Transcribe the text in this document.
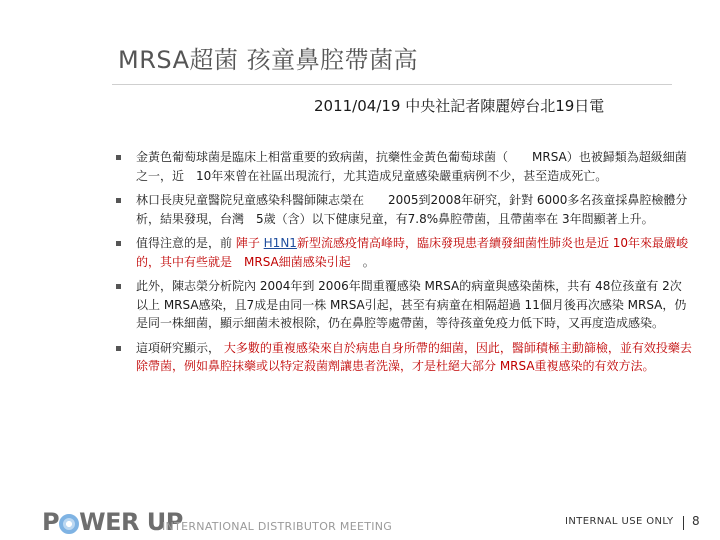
MRSA超菌 孩童鼻腔帶菌高
2011/04/19 中央社記者陳麗婷台北19日電
金黃色葡萄球菌是臨床上相當重要的致病菌，抗藥性金黃色葡萄球菌（　　MRSA）也被歸類為超級細菌之一，近　10年來曾在社區出現流行，尤其造成兒童感染嚴重病例不少，甚至造成死亡。
林口長庚兒童醫院兒童感染科醫師陳志榮在　　2005到2008年研究，針對 6000多名孩童採鼻腔檢體分析，結果發現，台灣　5歲（含）以下健康兒童，有7.8%鼻腔帶菌，且帶菌率在 3年間顯著上升。
值得注意的是，前 陣子 H1N1新型流感疫情高峰時，臨床發現患者續發細菌性肺炎也是近 10年來最嚴峻的，其中有些就是　MRSA細菌感染引起　。
此外，陳志榮分析院內 2004年到 2006年間重覆感染 MRSA的病童與感染菌株，共有 48位孩童有 2次以上 MRSA感染，且7成是由同一株 MRSA引起，甚至有病童在相隔超過 11個月後再次感染 MRSA，仍是同一株細菌，顯示細菌未被根除，仍在鼻腔等處帶菌，等待孩童免疫力低下時，又再度造成感染。
這項研究顯示， 大多數的重複感染來自於病患自身所帶的細菌，因此，醫師積極主動篩檢，並有效投藥去除帶菌，例如鼻腔抹藥或以特定殺菌劑讓患者洗澡，才是杜絕大部分 MRSA重複感染的有效方法。
P WER UP
INTERNATIONAL DISTRIBUTOR MEETING	INTERNAL USE ONLY 8
